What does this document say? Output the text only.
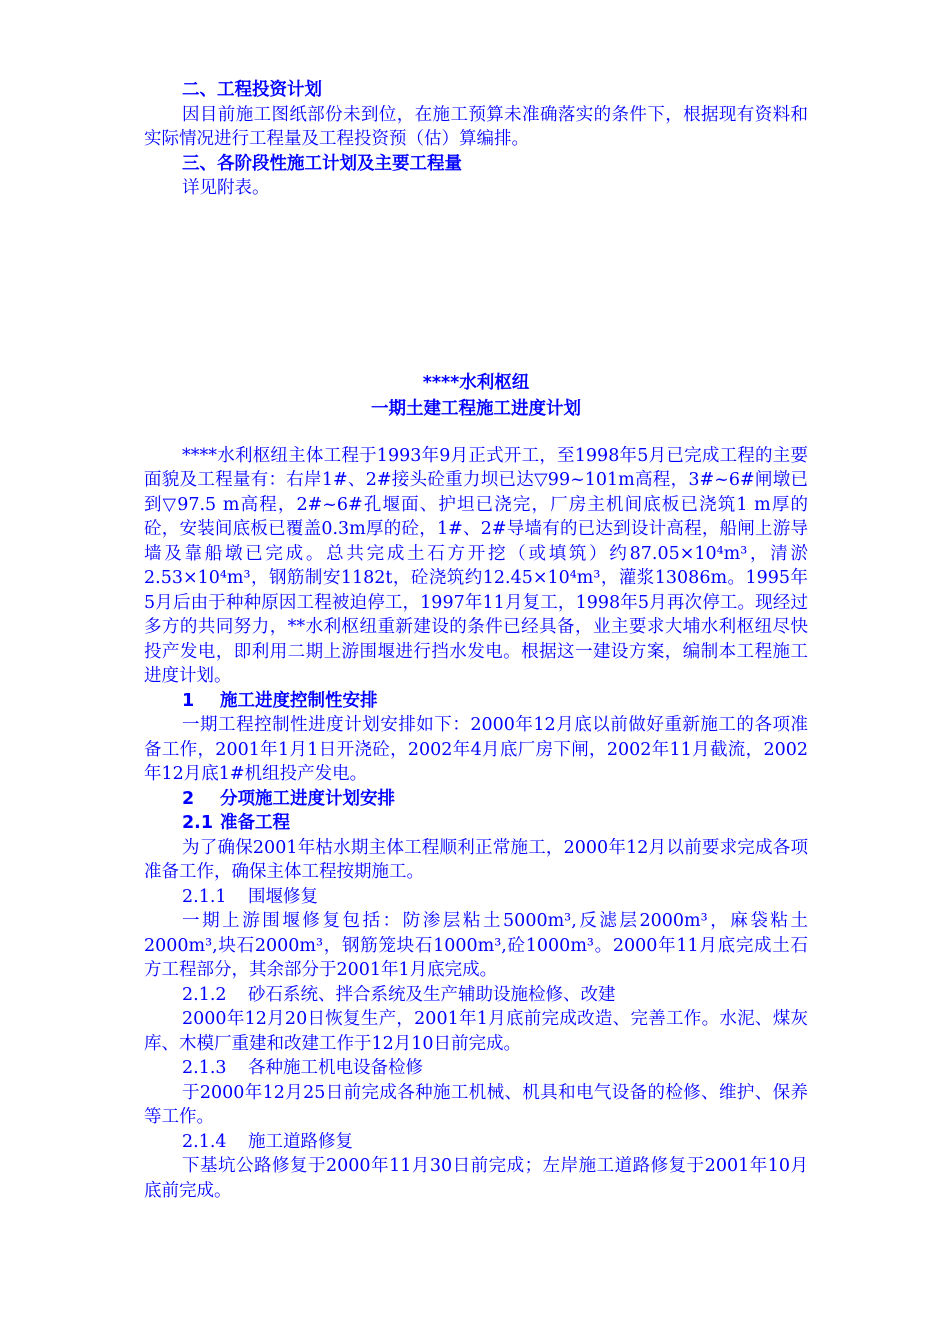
二、工程投资计划

因目前施工图纸部份未到位，在施工预算未准确落实的条件下，根据现有资料和实际情况进行工程量及工程投资预（估）算编排。

三、各阶段性施工计划及主要工程量

详见附表。

****水利枢纽

一期土建工程施工进度计划

****水利枢纽主体工程于1993年9月正式开工，至1998年5月已完成工程的主要面貌及工程量有：右岸1#、2#接头砼重力坝已达▽99~101m高程，3#~6#闸墩已到▽97.5 m高程，2#~6#孔堰面、护坦已浇完，厂房主机间底板已浇筑1 m厚的砼，安装间底板已覆盖0.3m厚的砼，1#、2#导墙有的已达到设计高程，船闸上游导墙及靠船墩已完成。总共完成土石方开挖（或填筑）约87.05×10⁴m³，清淤2.53×10⁴m³，钢筋制安1182t，砼浇筑约12.45×10⁴m³，灌浆13086m。1995年5月后由于种种原因工程被迫停工，1997年11月复工，1998年5月再次停工。现经过多方的共同努力，**水利枢纽重新建设的条件已经具备，业主要求大埔水利枢纽尽快投产发电，即利用二期上游围堰进行挡水发电。根据这一建设方案，编制本工程施工进度计划。

1 施工进度控制性安排

一期工程控制性进度计划安排如下：2000年12月底以前做好重新施工的各项准备工作，2001年1月1日开浇砼，2002年4月底厂房下闸，2002年11月截流，2002年12月底1#机组投产发电。

2 分项施工进度计划安排

2.1 准备工程

为了确保2001年枯水期主体工程顺利正常施工，2000年12月以前要求完成各项准备工作，确保主体工程按期施工。

2.1.1 围堰修复

一期上游围堰修复包括：防渗层粘土5000m³,反滤层2000m³，麻袋粘土2000m³,块石2000m³，钢筋笼块石1000m³,砼1000m³。2000年11月底完成土石方工程部分，其余部分于2001年1月底完成。

2.1.2 砂石系统、拌合系统及生产辅助设施检修、改建

2000年12月20日恢复生产，2001年1月底前完成改造、完善工作。水泥、煤灰库、木模厂重建和改建工作于12月10日前完成。

2.1.3 各种施工机电设备检修

于2000年12月25日前完成各种施工机械、机具和电气设备的检修、维护、保养等工作。

2.1.4 施工道路修复

下基坑公路修复于2000年11月30日前完成；左岸施工道路修复于2001年10月底前完成。
